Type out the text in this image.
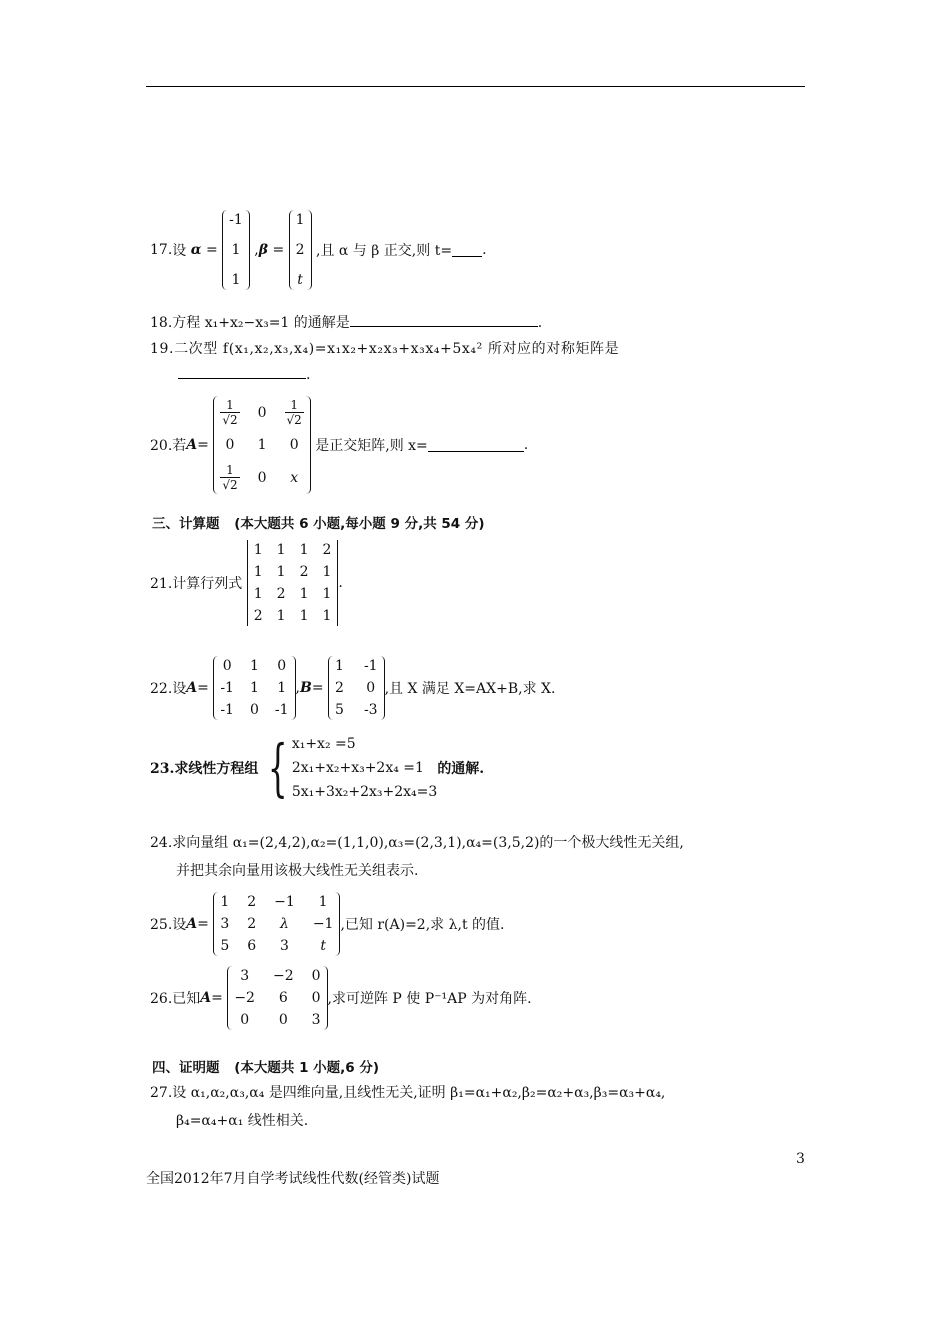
17.设 α =
-1
1
1
,β =
1
2
t
,且 α 与 β 正交,则 t= .
18.方程 x₁+x₂−x₃=1 的通解是	.
19.二次型 f(x₁,x₂,x₃,x₄)=x₁x₂+x₂x₃+x₃x₄+5x₄² 所对应的对称矩阵是
.
20.若A=
$\frac{1}{√2} 0 \frac{1}{√2}$
0	1	0
$\frac{1}{√2} 0$	x
是正交矩阵,则 x=	.
三、计算题 (本大题共 6 小题,每小题 9 分,共 54 分)
21.计算行列式
1 1 1 2
1 1 2 1
1 2 1 1
2 1 1 1
.
22.设A=
0 1 0
-1 1 1
-1 0 -1
,B=
1 -1
2 0
5 -3
,且 X 满足 X=AX+B,求 X.
23.求线性方程组 { x₁+x₂ =5
2x₁+x₂+x₃+2x₄ =1
5x₁+3x₂+2x₃+2x₄=3
的通解.
24.求向量组 α₁=(2,4,2),α₂=(1,1,0),α₃=(2,3,1),α₄=(3,5,2)的一个极大线性无关组,
并把其余向量用该极大线性无关组表示.
25.设A=
1 2 −1	1
3 2	λ	−1
5 6	3	t
,已知 r(A)=2,求 λ,t 的值.
26.已知A=
3	−2 0
−2	6	0
0	0	3
,求可逆阵 P 使 P⁻¹AP 为对角阵.
四、证明题 (本大题共 1 小题,6 分)
27.设 α₁,α₂,α₃,α₄ 是四维向量,且线性无关,证明 β₁=α₁+α₂,β₂=α₂+α₃,β₃=α₃+α₄,
β₄=α₄+α₁ 线性相关.
3
全国2012年7月自学考试线性代数(经管类)试题
